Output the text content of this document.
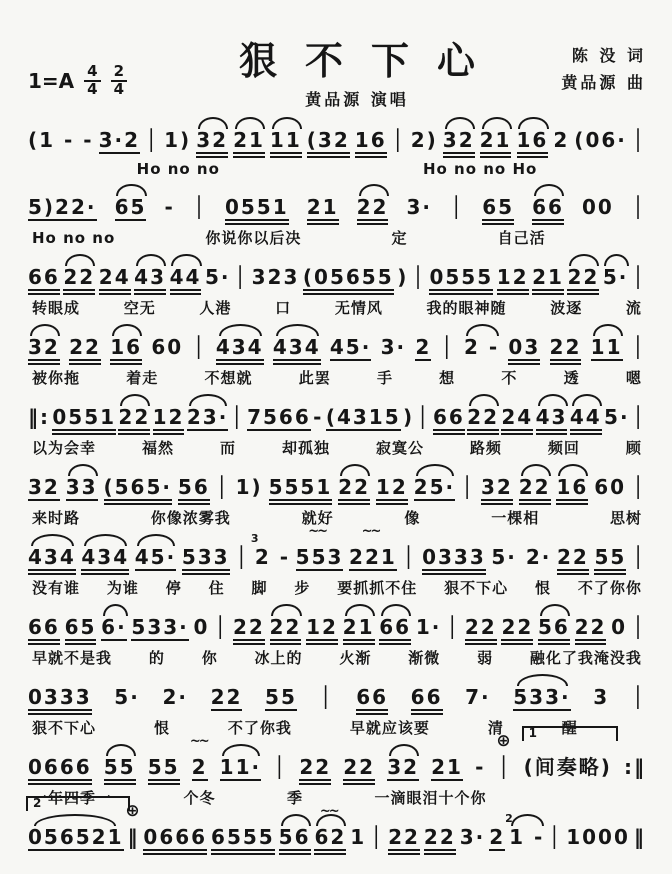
$1=A \frac{4}{4} \frac{2}{4}$	狠不下心
黄品源 演唱
陈 没 词
黄品源 曲
(1 - - 3·2 │ 1) 32 21 11 (32 16 │ 2) 32 21 16 2 (06· │

Ho no no
	Ho no no Ho

5)22· 65 - │ 0551 21 22 3· │ 65 66 00 │
Ho no no	你说你以后决	定	自己活

66 22 24 43 44 5· │ 323 (05655 ) │ 0555 12 21 22 5· │
转眼成	空无	人港	口	无情风	我的眼神随	波逐	流
32 22 16 60 │ 434 434 45· 3· 2 │ 2 - 03 22 11 │
被你拖	着走	不想就	此罢	手	想	不	透	嗯
‖: 0551 22 12 23· │ 7566 - (4315 ) │ 66 22 24 43 44 5· │
以为会幸	福然	而	却孤独	寂寞公	路频	频回	顾
32 33 (565· 56 │ 1) 5551 22 12 25· │ 32 22 16 60 │
来时路	你像浓雾我	就好	像	一棵相	思树
434 434 45· 533 │ 2 -
3
553 ~~ 221 ~~ │ 0333 5· 2· 22 55 │
没有谁 为谁 停 住 脚 步 要抓抓不住 狠不下心 恨 不了你你
66 65 6· 533· 0 │ 22 22 12 21 66 1· │ 22 22 56 22 0 │
早就不是我 的 你 冰上的 火渐 渐微 弱 融化了我淹没我
0333 5· 2· 22 55 │ 66 66 7· 533· 3 │
狠不下心	恨	不了你我	早就应该要	清	醒

0666 55 55 2 ~~ 11· │ 22 22 32 21 - ⊕ │ (间奏略) 1 :‖
一年四季一	个冬	季	一滴眼泪十个你

056521 2 ⊕ ‖ 0666 6555 56 62 ~~ 1 │ 22 22 3· 2 1 -
2
│ 1000 ‖
